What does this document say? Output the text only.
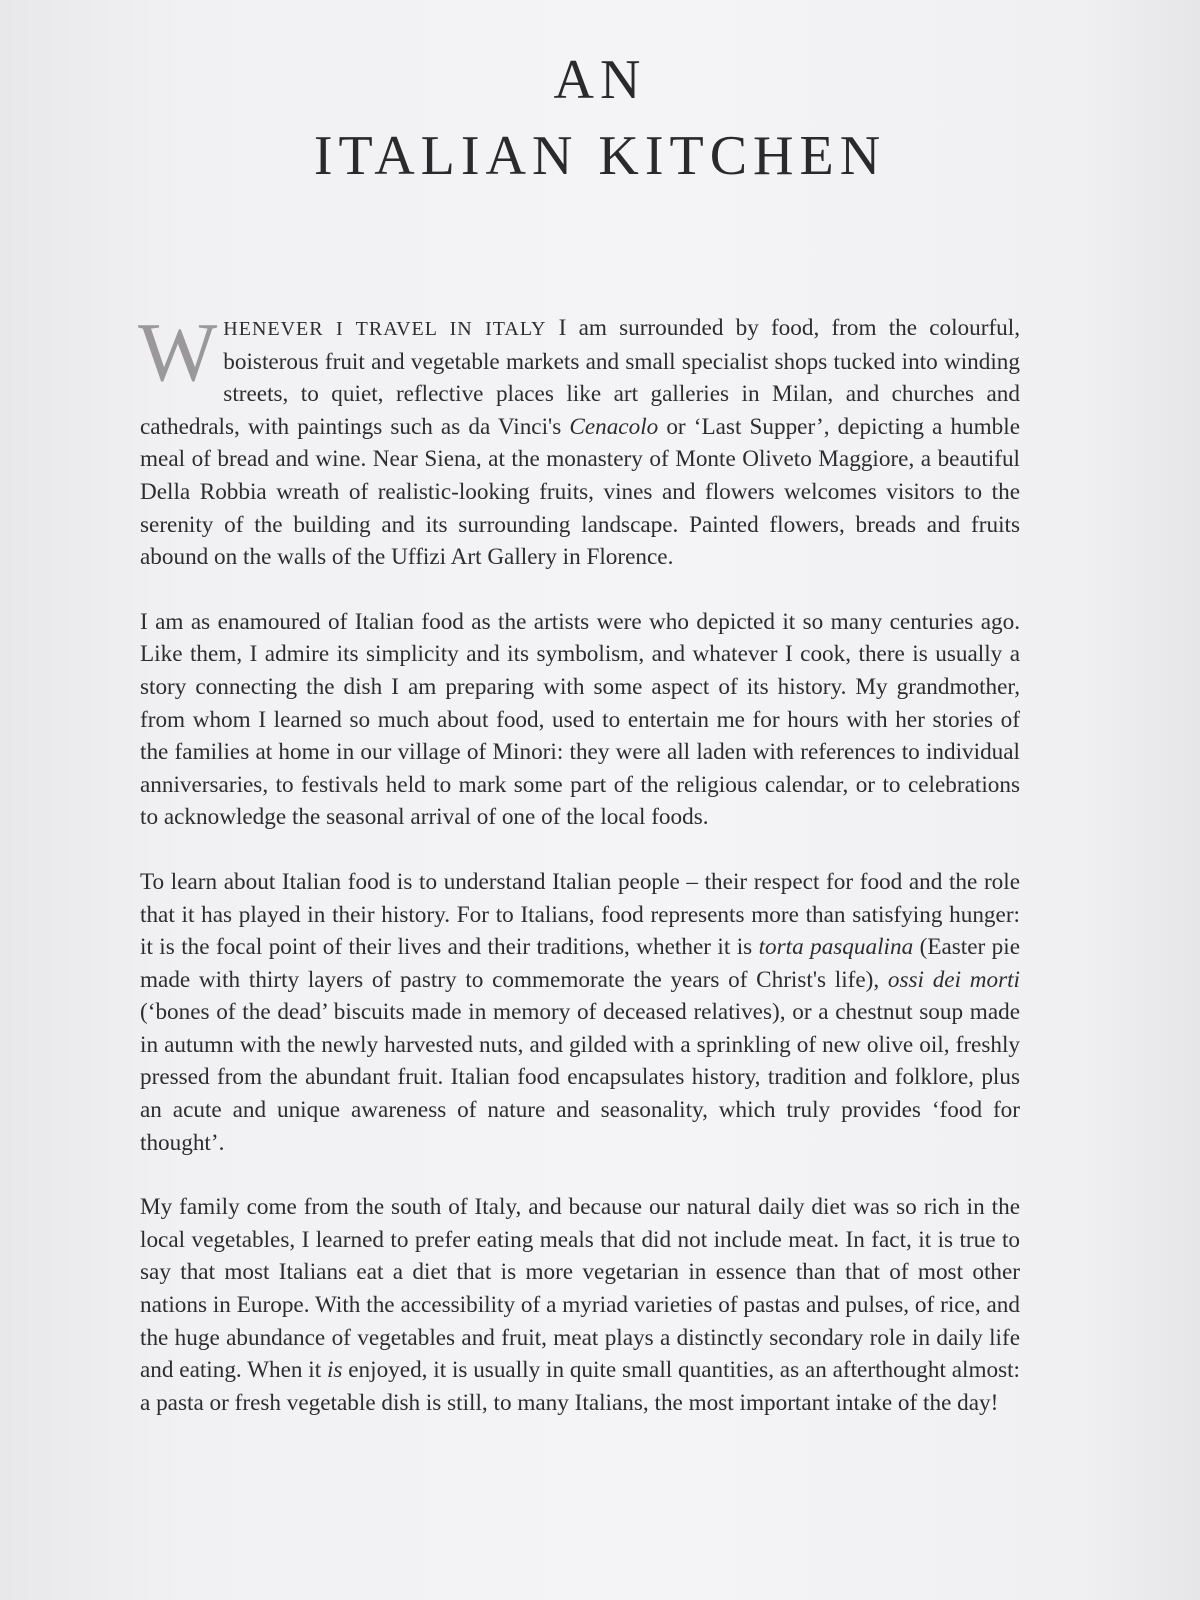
AN
ITALIAN KITCHEN

WHENEVER I TRAVEL IN ITALY I am surrounded by food, from the colourful, boisterous fruit and vegetable markets and small specialist shops tucked into winding streets, to quiet, reflective places like art galleries in Milan, and churches and cathedrals, with paintings such as da Vinci's Cenacolo or ‘Last Supper’, depicting a humble meal of bread and wine. Near Siena, at the monastery of Monte Oliveto Maggiore, a beautiful Della Robbia wreath of realistic-looking fruits, vines and flowers welcomes visitors to the serenity of the building and its surrounding landscape. Painted flowers, breads and fruits abound on the walls of the Uffizi Art Gallery in Florence.

I am as enamoured of Italian food as the artists were who depicted it so many centuries ago. Like them, I admire its simplicity and its symbolism, and whatever I cook, there is usually a story connecting the dish I am preparing with some aspect of its history. My grandmother, from whom I learned so much about food, used to entertain me for hours with her stories of the families at home in our village of Minori: they were all laden with references to individual anniversaries, to festivals held to mark some part of the religious calendar, or to celebrations to acknowledge the seasonal arrival of one of the local foods.

To learn about Italian food is to understand Italian people – their respect for food and the role that it has played in their history. For to Italians, food represents more than satisfying hunger: it is the focal point of their lives and their traditions, whether it is torta pasqualina (Easter pie made with thirty layers of pastry to commemorate the years of Christ's life), ossi dei morti (‘bones of the dead’ biscuits made in memory of deceased relatives), or a chestnut soup made in autumn with the newly harvested nuts, and gilded with a sprinkling of new olive oil, freshly pressed from the abundant fruit. Italian food encapsulates history, tradition and folklore, plus an acute and unique awareness of nature and seasonality, which truly provides ‘food for thought’.

My family come from the south of Italy, and because our natural daily diet was so rich in the local vegetables, I learned to prefer eating meals that did not include meat. In fact, it is true to say that most Italians eat a diet that is more vegetarian in essence than that of most other nations in Europe. With the accessibility of a myriad varieties of pastas and pulses, of rice, and the huge abundance of vegetables and fruit, meat plays a distinctly secondary role in daily life and eating. When it is enjoyed, it is usually in quite small quantities, as an afterthought almost: a pasta or fresh vegetable dish is still, to many Italians, the most important intake of the day!
